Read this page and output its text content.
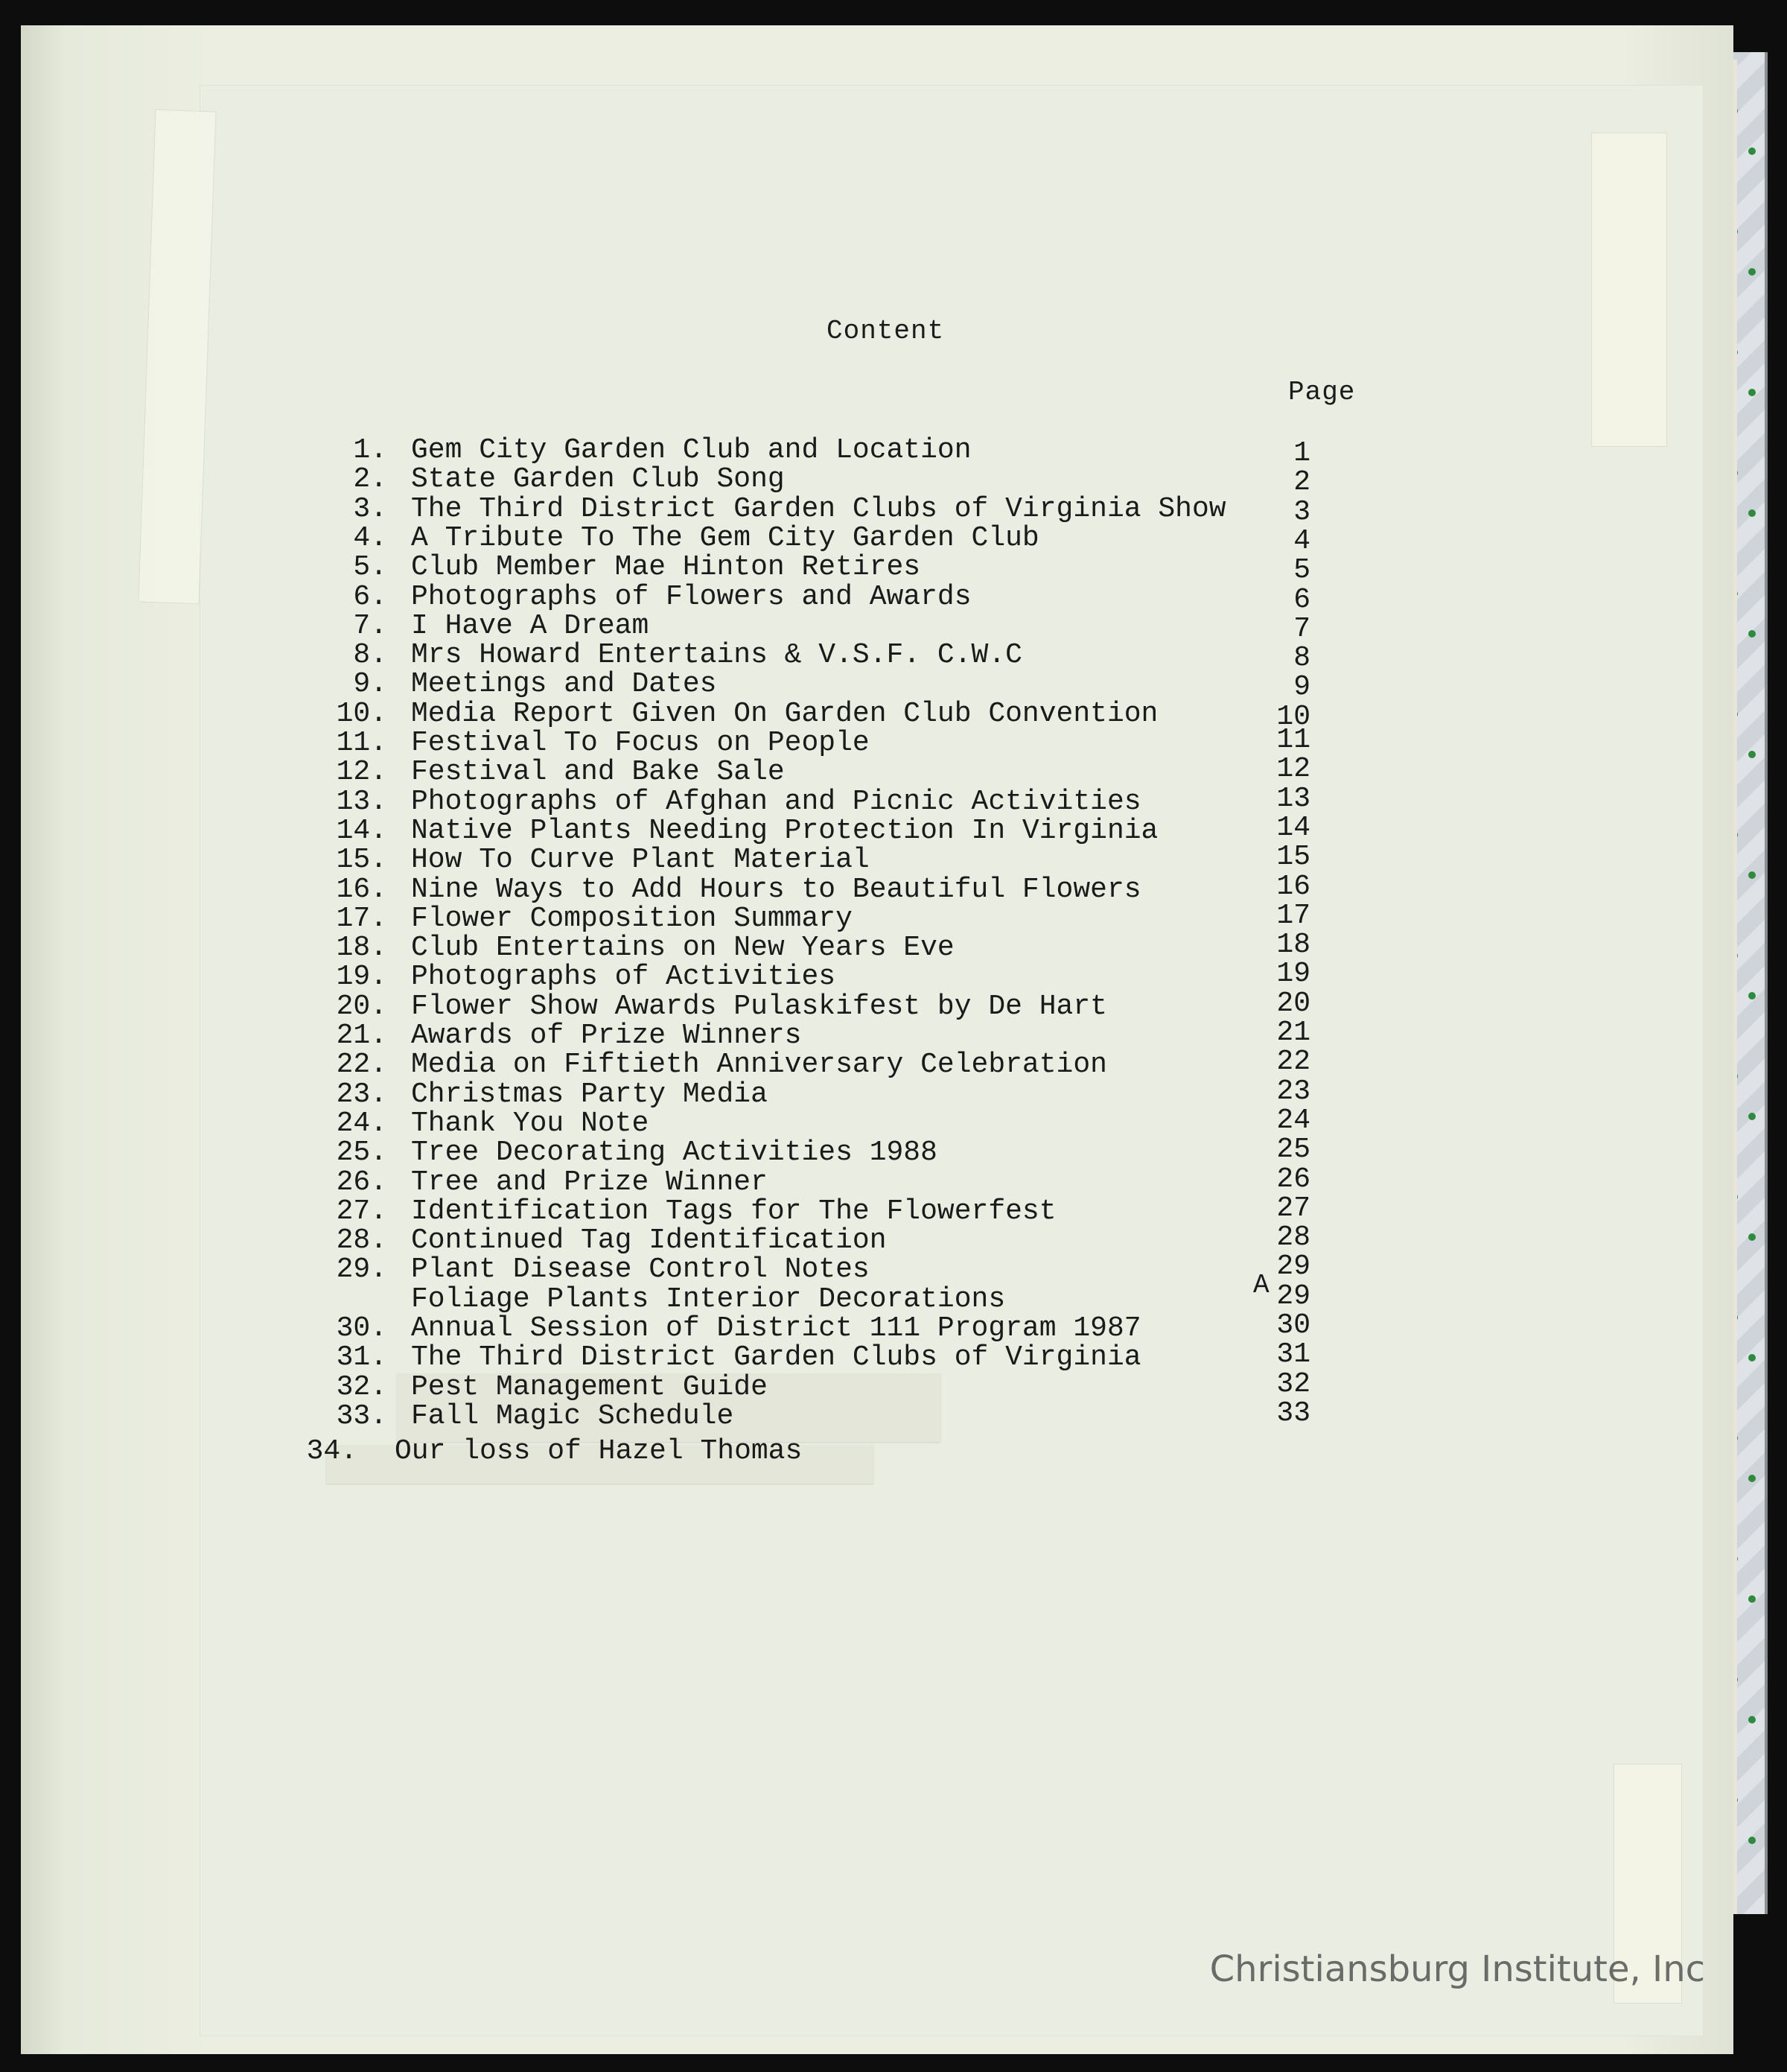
Content
Page
1. Gem City Garden Club and Location	1
2. State Garden Club Song	2
3. The Third District Garden Clubs of Virginia Show	3
4. A Tribute To The Gem City Garden Club	4
5. Club Member Mae Hinton Retires	5
6. Photographs of Flowers and Awards	6
7. I Have A Dream	7
8. Mrs Howard Entertains & V.S.F. C.W.C	8
9. Meetings and Dates	9
10. Media Report Given On Garden Club Convention	10
11. Festival To Focus on People	11
12. Festival and Bake Sale	12
13. Photographs of Afghan and Picnic Activities	13
14. Native Plants Needing Protection In Virginia	14
15. How To Curve Plant Material	15
16. Nine Ways to Add Hours to Beautiful Flowers	16
17. Flower Composition Summary	17
18. Club Entertains on New Years Eve	18
19. Photographs of Activities	19
20. Flower Show Awards Pulaskifest by De Hart	20
21. Awards of Prize Winners	21
22. Media on Fiftieth Anniversary Celebration	22
23. Christmas Party Media	23
24. Thank You Note	24
25. Tree Decorating Activities 1988	25
26. Tree and Prize Winner	26
27. Identification Tags for The Flowerfest	27
28. Continued Tag Identification	28
29. Plant Disease Control Notes	29
Foliage Plants Interior Decorations	29
30. Annual Session of District 111 Program 1987	30
31. The Third District Garden Clubs of Virginia	31
32. Pest Management Guide	32
33. Fall Magic Schedule	33
34. Our loss of Hazel Thomas
A
Christiansburg Institute, Inc
